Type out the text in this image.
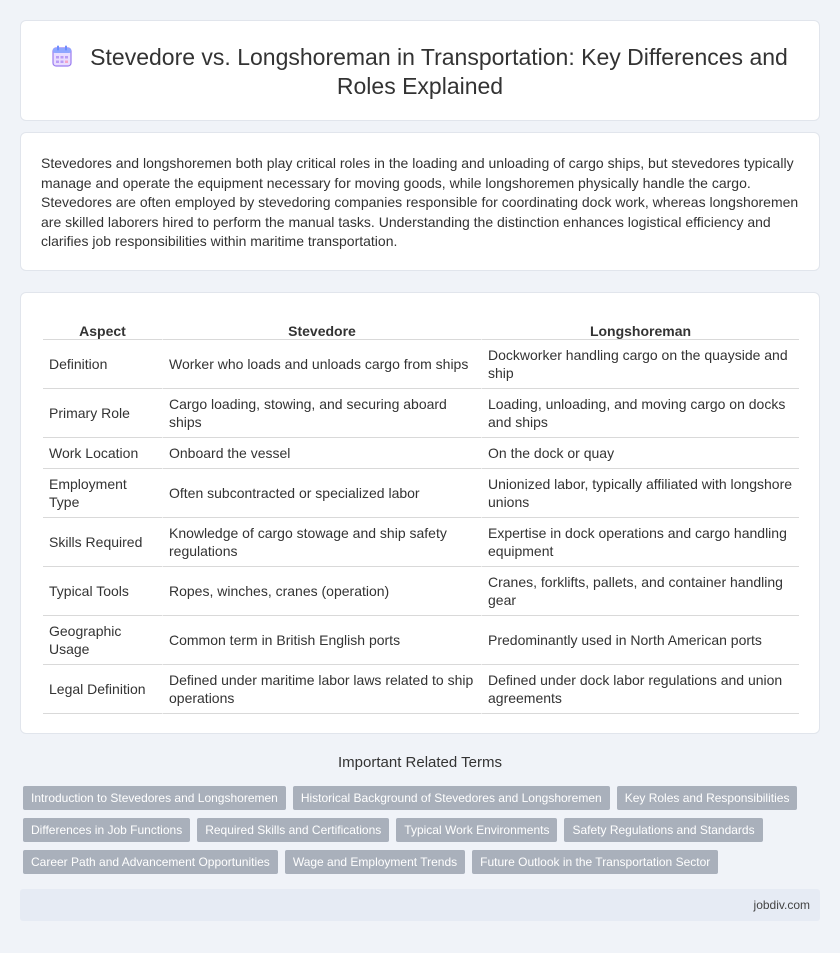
Stevedore vs. Longshoreman in Transportation: Key Differences and Roles Explained

Stevedores and longshoremen both play critical roles in the loading and unloading of cargo ships, but stevedores typically manage and operate the equipment necessary for moving goods, while longshoremen physically handle the cargo. Stevedores are often employed by stevedoring companies responsible for coordinating dock work, whereas longshoremen are skilled laborers hired to perform the manual tasks. Understanding the distinction enhances logistical efficiency and clarifies job responsibilities within maritime transportation.

Aspect	Stevedore	Longshoreman
Definition	Worker who loads and unloads cargo from ships	Dockworker handling cargo on the quayside and ship
Primary Role	Cargo loading, stowing, and securing aboard ships	Loading, unloading, and moving cargo on docks and ships
Work Location	Onboard the vessel	On the dock or quay
Employment Type	Often subcontracted or specialized labor	Unionized labor, typically affiliated with longshore unions
Skills Required	Knowledge of cargo stowage and ship safety regulations	Expertise in dock operations and cargo handling equipment
Typical Tools	Ropes, winches, cranes (operation)	Cranes, forklifts, pallets, and container handling gear
Geographic Usage	Common term in British English ports	Predominantly used in North American ports
Legal Definition	Defined under maritime labor laws related to ship operations	Defined under dock labor regulations and union agreements
Important Related Terms
Introduction to Stevedores and Longshoremen Historical Background of Stevedores and Longshoremen Key Roles and Responsibilities
Differences in Job Functions Required Skills and Certifications Typical Work Environments Safety Regulations and Standards
Career Path and Advancement Opportunities Wage and Employment Trends Future Outlook in the Transportation Sector
jobdiv.com
